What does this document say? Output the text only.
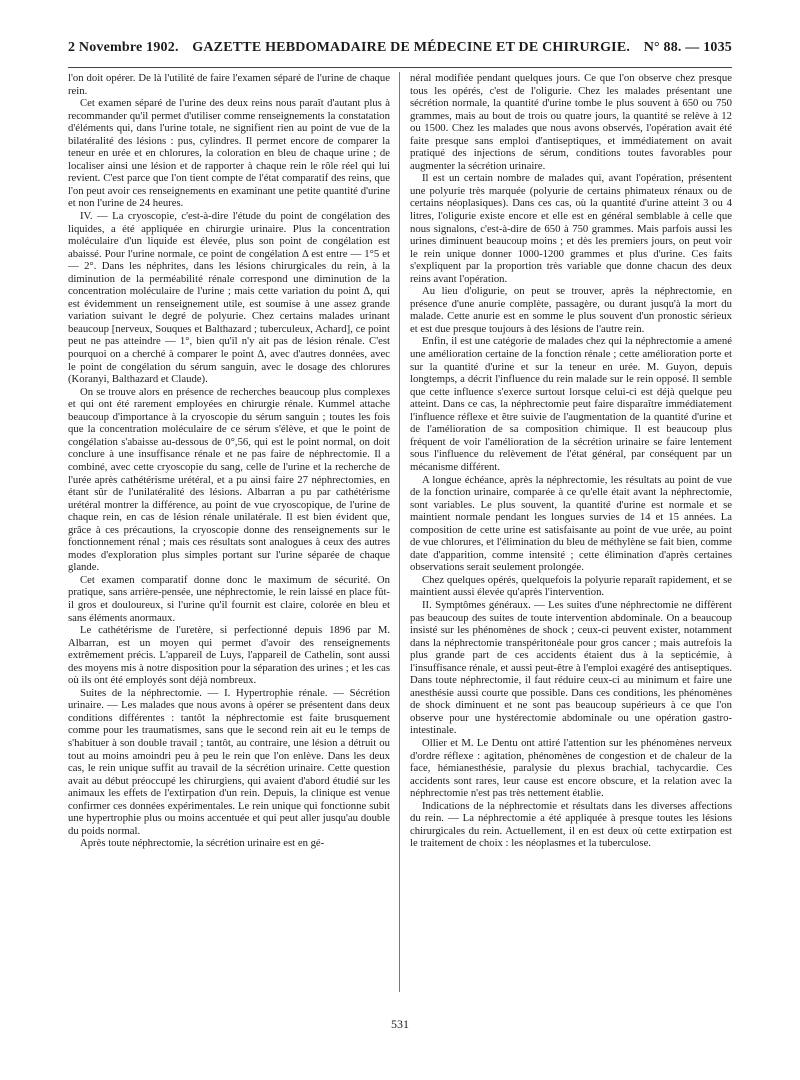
2 Novembre 1902. GAZETTE HEBDOMADAIRE DE MÉDECINE ET DE CHIRURGIE. N° 88. — 1035

l'on doit opérer. De là l'utilité de faire l'examen séparé de l'urine de chaque rein.

Cet examen séparé de l'urine des deux reins nous paraît d'autant plus à recommander qu'il permet d'utiliser comme renseignements la constatation d'éléments qui, dans l'urine totale, ne signifient rien au point de vue de la bilatéralité des lésions : pus, cylindres. Il permet encore de comparer la teneur en urée et en chlorures, la coloration en bleu de chaque urine ; de localiser ainsi une lésion et de rapporter à chaque rein le rôle réel qui lui revient. C'est parce que l'on tient compte de l'état comparatif des reins, que l'on peut avoir ces renseignements en examinant une petite quantité d'urine et non l'urine de 24 heures.

IV. — La cryoscopie, c'est-à-dire l'étude du point de congélation des liquides, a été appliquée en chirurgie urinaire. Plus la concentration moléculaire d'un liquide est élevée, plus son point de congélation est abaissé. Pour l'urine normale, ce point de congélation Δ est entre — 1°5 et — 2°. Dans les néphrites, dans les lésions chirurgicales du rein, à la diminution de la perméabilité rénale correspond une diminution de la concentration moléculaire de l'urine ; mais cette variation du point Δ, qui est évidemment un renseignement utile, est soumise à une assez grande variation suivant le degré de polyurie. Chez certains malades urinant beaucoup [nerveux, Souques et Balthazard ; tuberculeux, Achard], ce point peut ne pas atteindre — 1°, bien qu'il n'y ait pas de lésion rénale. C'est pourquoi on a cherché à comparer le point Δ, avec d'autres données, avec le point de congélation du sérum sanguin, avec le dosage des chlorures (Koranyi, Balthazard et Claude).

On se trouve alors en présence de recherches beaucoup plus complexes et qui ont été rarement employées en chirurgie rénale. Kummel attache beaucoup d'importance à la cryoscopie du sérum sanguin ; toutes les fois que la concentration moléculaire de ce sérum s'élève, et que le point de congélation s'abaisse au-dessous de 0°,56, qui est le point normal, on doit conclure à une insuffisance rénale et ne pas faire de néphrectomie. Il a combiné, avec cette cryoscopie du sang, celle de l'urine et la recherche de l'urée après cathétérisme urétéral, et a pu ainsi faire 27 néphrectomies, en étant sûr de l'unilatéralité des lésions. Albarran a pu par cathétérisme urétéral montrer la différence, au point de vue cryoscopique, de l'urine de chaque rein, en cas de lésion rénale unilatérale. Il est bien évident que, grâce à ces précautions, la cryoscopie donne des renseignements sur le fonctionnement rénal ; mais ces résultats sont analogues à ceux des autres modes d'exploration plus simples portant sur l'urine séparée de chaque glande.

Cet examen comparatif donne donc le maximum de sécurité. On pratique, sans arrière-pensée, une néphrectomie, le rein laissé en place fût-il gros et douloureux, si l'urine qu'il fournit est claire, colorée en bleu et sans éléments anormaux.

Le cathétérisme de l'uretère, si perfectionné depuis 1896 par M. Albarran, est un moyen qui permet d'avoir des renseignements extrêmement précis. L'appareil de Luys, l'appareil de Cathelin, sont aussi des moyens mis à notre disposition pour la séparation des urines ; et les cas où ils ont été employés sont déjà nombreux.

Suites de la néphrectomie. — I. Hypertrophie rénale. — Sécrétion urinaire. — Les malades que nous avons à opérer se présentent dans deux conditions différentes : tantôt la néphrectomie est faite brusquement comme pour les traumatismes, sans que le second rein ait eu le temps de s'habituer à son double travail ; tantôt, au contraire, une lésion a détruit ou tout au moins amoindri peu à peu le rein que l'on enlève. Dans les deux cas, le rein unique suffit au travail de la sécrétion urinaire. Cette question avait au début préoccupé les chirurgiens, qui avaient d'abord étudié sur les animaux les effets de l'extirpation d'un rein. Depuis, la clinique est venue confirmer ces données expérimentales. Le rein unique qui fonctionne subit une hypertrophie plus ou moins accentuée et qui peut aller jusqu'au double du poids normal.

Après toute néphrectomie, la sécrétion urinaire est en gé-

néral modifiée pendant quelques jours. Ce que l'on observe chez presque tous les opérés, c'est de l'oligurie. Chez les malades présentant une sécrétion normale, la quantité d'urine tombe le plus souvent à 650 ou 750 grammes, mais au bout de trois ou quatre jours, la quantité se relève à 12 ou 1500. Chez les malades que nous avons observés, l'opération avait été faite presque sans emploi d'antiseptiques, et immédiatement on avait pratiqué des injections de sérum, conditions toutes favorables pour augmenter la sécrétion urinaire.

Il est un certain nombre de malades qui, avant l'opération, présentent une polyurie très marquée (polyurie de certains phimateux rénaux ou de certains néoplasiques). Dans ces cas, où la quantité d'urine atteint 3 ou 4 litres, l'oligurie existe encore et elle est en général semblable à celle que nous signalons, c'est-à-dire de 650 à 750 grammes. Mais parfois aussi les urines diminuent beaucoup moins ; et dès les premiers jours, on peut voir le rein unique donner 1000-1200 grammes et plus d'urine. Ces faits s'expliquent par la proportion très variable que donne chacun des deux reins avant l'opération.

Au lieu d'oligurie, on peut se trouver, après la néphrectomie, en présence d'une anurie complète, passagère, ou durant jusqu'à la mort du malade. Cette anurie est en somme le plus souvent d'un pronostic sérieux et est due presque toujours à des lésions de l'autre rein.

Enfin, il est une catégorie de malades chez qui la néphrectomie a amené une amélioration certaine de la fonction rénale ; cette amélioration porte et sur la quantité d'urine et sur la teneur en urée. M. Guyon, depuis longtemps, a décrit l'influence du rein malade sur le rein opposé. Il semble que cette influence s'exerce surtout lorsque celui-ci est déjà quelque peu atteint. Dans ce cas, la néphrectomie peut faire disparaître immédiatement l'influence réflexe et être suivie de l'augmentation de la quantité d'urine et de l'amélioration de sa composition chimique. Il est beaucoup plus fréquent de voir l'amélioration de la sécrétion urinaire se faire lentement sous l'influence du relèvement de l'état général, par conséquent par un mécanisme différent.

A longue échéance, après la néphrectomie, les résultats au point de vue de la fonction urinaire, comparée à ce qu'elle était avant la néphrectomie, sont variables. Le plus souvent, la quantité d'urine est normale et se maintient normale pendant les longues survies de 14 et 15 années. La composition de cette urine est satisfaisante au point de vue urée, au point de vue chlorures, et l'élimination du bleu de méthylène se fait bien, comme date d'apparition, comme intensité ; cette élimination d'après certaines observations serait seulement prolongée.

Chez quelques opérés, quelquefois la polyurie reparaît rapidement, et se maintient aussi élevée qu'après l'intervention.

II. Symptômes généraux. — Les suites d'une néphrectomie ne diffèrent pas beaucoup des suites de toute intervention abdominale. On a beaucoup insisté sur les phénomènes de shock ; ceux-ci peuvent exister, notamment dans la néphrectomie transpéritonéale pour gros cancer ; mais autrefois la plus grande part de ces accidents étaient dus à la septicémie, à l'insuffisance rénale, et aussi peut-être à l'emploi exagéré des antiseptiques. Dans toute néphrectomie, il faut réduire ceux-ci au minimum et faire une anesthésie aussi courte que possible. Dans ces conditions, les phénomènes de shock diminuent et ne sont pas beaucoup supérieurs à ce que l'on observe pour une hystérectomie abdominale ou une opération gastro-intestinale.

Ollier et M. Le Dentu ont attiré l'attention sur les phénomènes nerveux d'ordre réflexe : agitation, phénomènes de congestion et de chaleur de la face, hémianesthésie, paralysie du plexus brachial, tachycardie. Ces accidents sont rares, leur cause est encore obscure, et la relation avec la néphrectomie n'est pas très nettement établie.

Indications de la néphrectomie et résultats dans les diverses affections du rein. — La néphrectomie a été appliquée à presque toutes les lésions chirurgicales du rein. Actuellement, il en est deux où cette extirpation est le traitement de choix : les néoplasmes et la tuberculose.

531
